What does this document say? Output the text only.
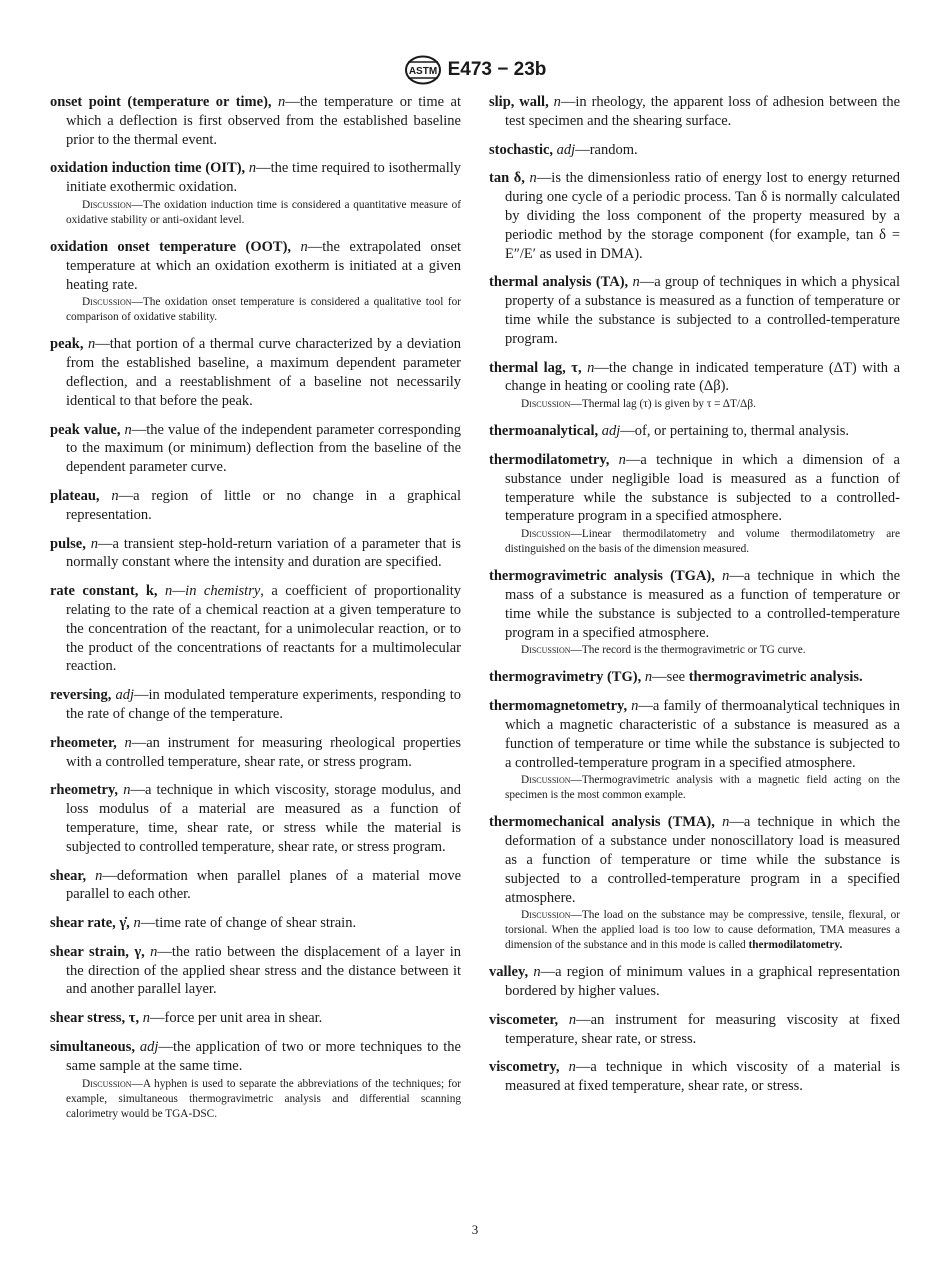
ASTM E473 − 23b

onset point (temperature or time), n—the temperature or time at which a deflection is first observed from the established baseline prior to the thermal event.

oxidation induction time (OIT), n—the time required to isothermally initiate exothermic oxidation.

Discussion—The oxidation induction time is considered a quantitative measure of oxidative stability or anti-oxidant level.

oxidation onset temperature (OOT), n—the extrapolated onset temperature at which an oxidation exotherm is initiated at a given heating rate.

Discussion—The oxidation onset temperature is considered a qualitative tool for comparison of oxidative stability.

peak, n—that portion of a thermal curve characterized by a deviation from the established baseline, a maximum dependent parameter deflection, and a reestablishment of a baseline not necessarily identical to that before the peak.

peak value, n—the value of the independent parameter corresponding to the maximum (or minimum) deflection from the baseline of the dependent parameter curve.

plateau, n—a region of little or no change in a graphical representation.

pulse, n—a transient step-hold-return variation of a parameter that is normally constant where the intensity and duration are specified.

rate constant, k, n—in chemistry, a coefficient of proportionality relating to the rate of a chemical reaction at a given temperature to the concentration of the reactant, for a unimolecular reaction, or to the product of the concentrations of reactants for a multimolecular reaction.

reversing, adj—in modulated temperature experiments, responding to the rate of change of the temperature.

rheometer, n—an instrument for measuring rheological properties with a controlled temperature, shear rate, or stress program.

rheometry, n—a technique in which viscosity, storage modulus, and loss modulus of a material are measured as a function of temperature, time, shear rate, or stress while the material is subjected to controlled temperature, shear rate, or stress program.

shear, n—deformation when parallel planes of a material move parallel to each other.

shear rate, γ̇, n—time rate of change of shear strain.

shear strain, γ, n—the ratio between the displacement of a layer in the direction of the applied shear stress and the distance between it and another parallel layer.

shear stress, τ, n—force per unit area in shear.

simultaneous, adj—the application of two or more techniques to the same sample at the same time.

Discussion—A hyphen is used to separate the abbreviations of the techniques; for example, simultaneous thermogravimetric analysis and differential scanning calorimetry would be TGA-DSC.

slip, wall, n—in rheology, the apparent loss of adhesion between the test specimen and the shearing surface.

stochastic, adj—random.

tan δ, n—is the dimensionless ratio of energy lost to energy returned during one cycle of a periodic process. Tan δ is normally calculated by dividing the loss component of the property measured by a periodic method by the storage component (for example, tan δ = E″/E′ as used in DMA).

thermal analysis (TA), n—a group of techniques in which a physical property of a substance is measured as a function of temperature or time while the substance is subjected to a controlled-temperature program.

thermal lag, τ, n—the change in indicated temperature (ΔT) with a change in heating or cooling rate (Δβ).

Discussion—Thermal lag (τ) is given by τ = ΔT/Δβ.

thermoanalytical, adj—of, or pertaining to, thermal analysis.

thermodilatometry, n—a technique in which a dimension of a substance under negligible load is measured as a function of temperature while the substance is subjected to a controlled-temperature program in a specified atmosphere.

Discussion—Linear thermodilatometry and volume thermodilatometry are distinguished on the basis of the dimension measured.

thermogravimetric analysis (TGA), n—a technique in which the mass of a substance is measured as a function of temperature or time while the substance is subjected to a controlled-temperature program in a specified atmosphere.

Discussion—The record is the thermogravimetric or TG curve.

thermogravimetry (TG), n—see thermogravimetric analysis.

thermomagnetometry, n—a family of thermoanalytical techniques in which a magnetic characteristic of a substance is measured as a function of temperature or time while the substance is subjected to a controlled-temperature program in a specified atmosphere.

Discussion—Thermogravimetric analysis with a magnetic field acting on the specimen is the most common example.

thermomechanical analysis (TMA), n—a technique in which the deformation of a substance under nonoscillatory load is measured as a function of temperature or time while the substance is subjected to a controlled-temperature program in a specified atmosphere.

Discussion—The load on the substance may be compressive, tensile, flexural, or torsional. When the applied load is too low to cause deformation, TMA measures a dimension of the substance and in this mode is called thermodilatometry.

valley, n—a region of minimum values in a graphical representation bordered by higher values.

viscometer, n—an instrument for measuring viscosity at fixed temperature, shear rate, or stress.

viscometry, n—a technique in which viscosity of a material is measured at fixed temperature, shear rate, or stress.

3
